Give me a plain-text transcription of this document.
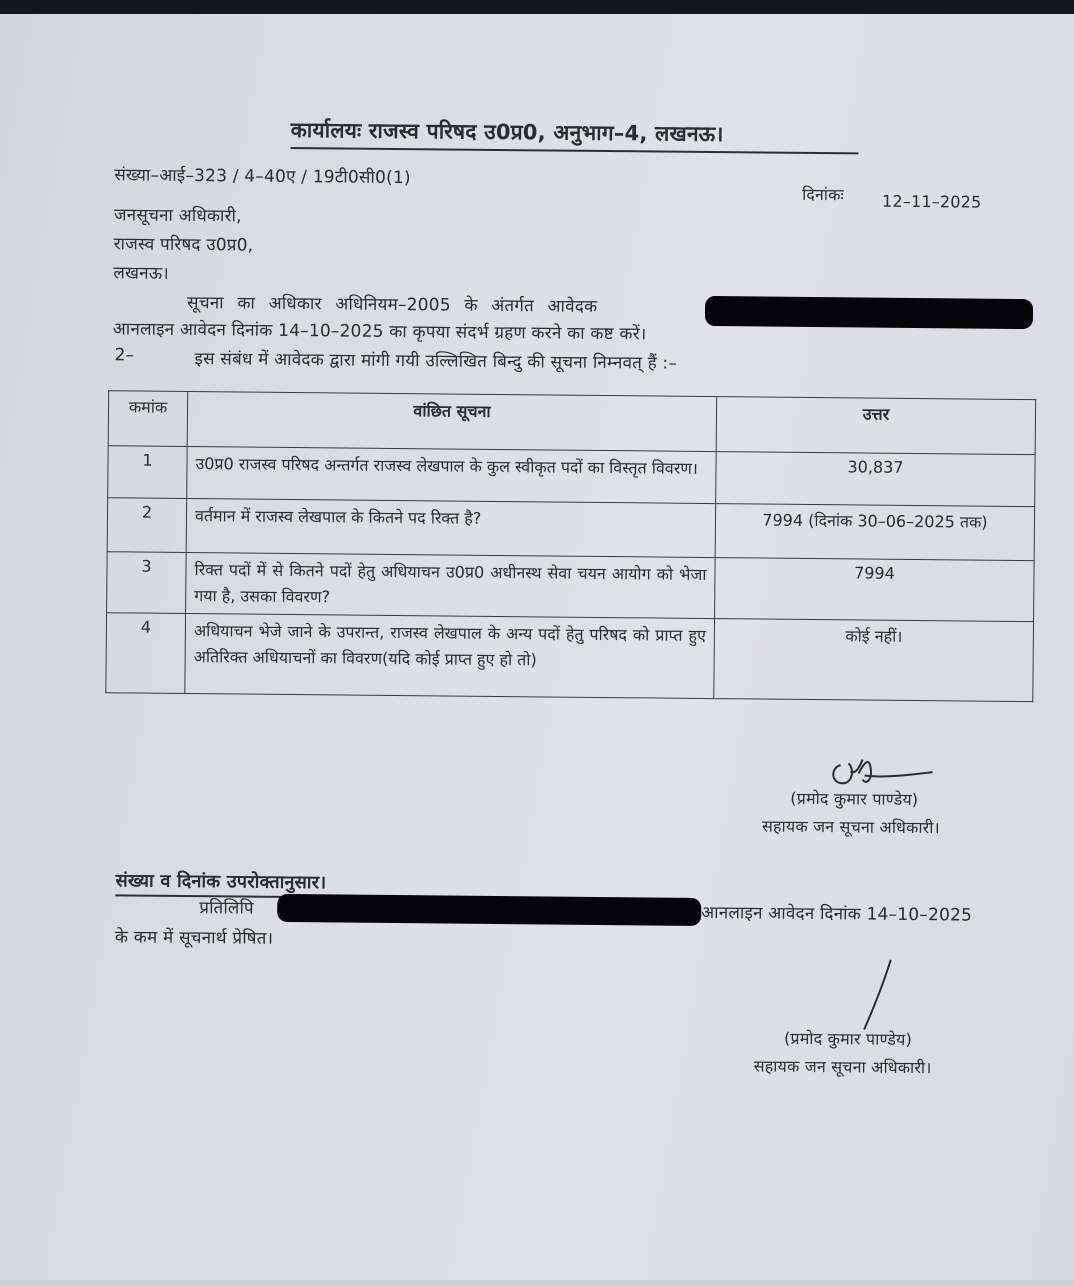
कार्यालयः राजस्व परिषद उ0प्र0, अनुभाग–4, लखनऊ।
संख्या–आई–323 / 4–40ए / 19टी0सी0(1)
दिनांकः 12–11–2025
जनसूचना अधिकारी,
राजस्व परिषद उ0प्र0,
लखनऊ।
सूचना का अधिकार अधिनियम–2005 के अंतर्गत आवेदक
आनलाइन आवेदन दिनांक 14–10–2025 का कृपया संदर्भ ग्रहण करने का कष्ट करें।
2–	इस संबंध में आवेदक द्वारा मांगी गयी उल्लिखित बिन्दु की सूचना निम्नवत् हैं :–
कमांक	वांछित सूचना	उत्तर
1	उ0प्र0 राजस्व परिषद अन्तर्गत राजस्व लेखपाल के कुल स्वीकृत पदों का विस्तृत विवरण।	30,837
2	वर्तमान में राजस्व लेखपाल के कितने पद रिक्त है?	7994 (दिनांक 30–06–2025 तक)
3	रिक्त पदों में से कितने पदों हेतु अधियाचन उ0प्र0 अधीनस्थ सेवा चयन आयोग को भेजा गया है, उसका विवरण?	7994
4	अधियाचन भेजे जाने के उपरान्त, राजस्व लेखपाल के अन्य पदों हेतु परिषद को प्राप्त हुए अतिरिक्त अधियाचनों का विवरण(यदि कोई प्राप्त हुए हो तो)	कोई नहीं।
(प्रमोद कुमार पाण्डेय)
सहायक जन सूचना अधिकारी।
संख्या व दिनांक उपरोक्तानुसार।
प्रतिलिपि	आनलाइन आवेदन दिनांक 14–10–2025
के कम में सूचनार्थ प्रेषित।
(प्रमोद कुमार पाण्डेय)
सहायक जन सूचना अधिकारी।
